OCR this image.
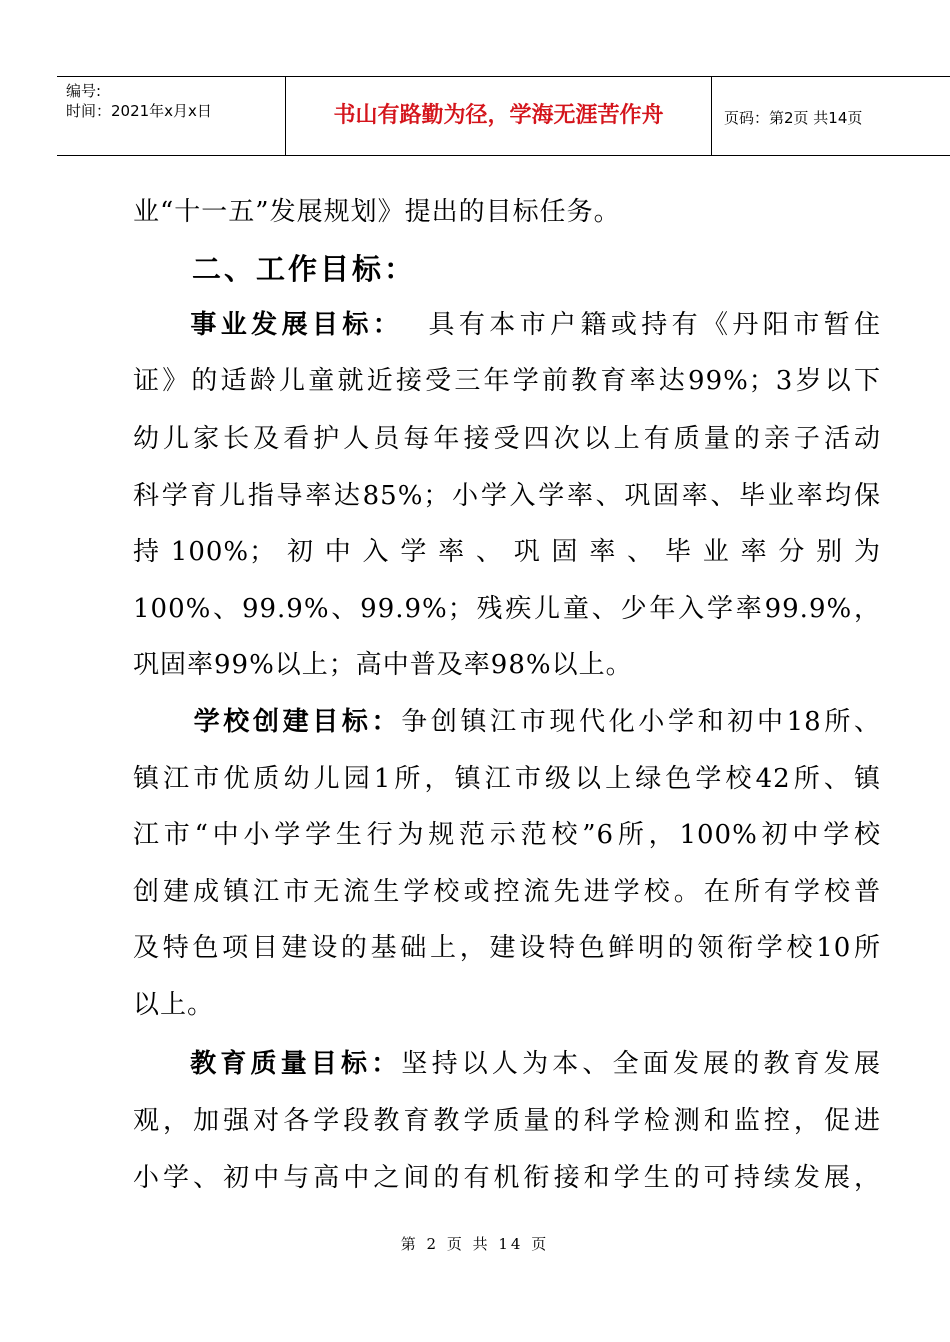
编号:
时间：2021年x月x日	书山有路勤为径，学海无涯苦作舟	页码：第2页 共14页
业“十一五”发展规划》提出的目标任务。
二、工作目标：
事业发展目标： 具有本市户籍或持有《丹阳市暂住
证》的适龄儿童就近接受三年学前教育率达99%；3岁以下
幼儿家长及看护人员每年接受四次以上有质量的亲子活动
科学育儿指导率达85%；小学入学率、巩固率、毕业率均保
持100%；初中入学率、巩固率、毕业率分别为
100%、99.9%、99.9%；残疾儿童、少年入学率99.9%，
巩固率99%以上；高中普及率98%以上。
学校创建目标：争创镇江市现代化小学和初中18所、
镇江市优质幼儿园1所，镇江市级以上绿色学校42所、镇
江市“中小学学生行为规范示范校”6所，100%初中学校
创建成镇江市无流生学校或控流先进学校。在所有学校普
及特色项目建设的基础上，建设特色鲜明的领衔学校10所
以上。
教育质量目标：坚持以人为本、全面发展的教育发展
观，加强对各学段教育教学质量的科学检测和监控，促进
小学、初中与高中之间的有机衔接和学生的可持续发展，
第 2 页 共 14 页
